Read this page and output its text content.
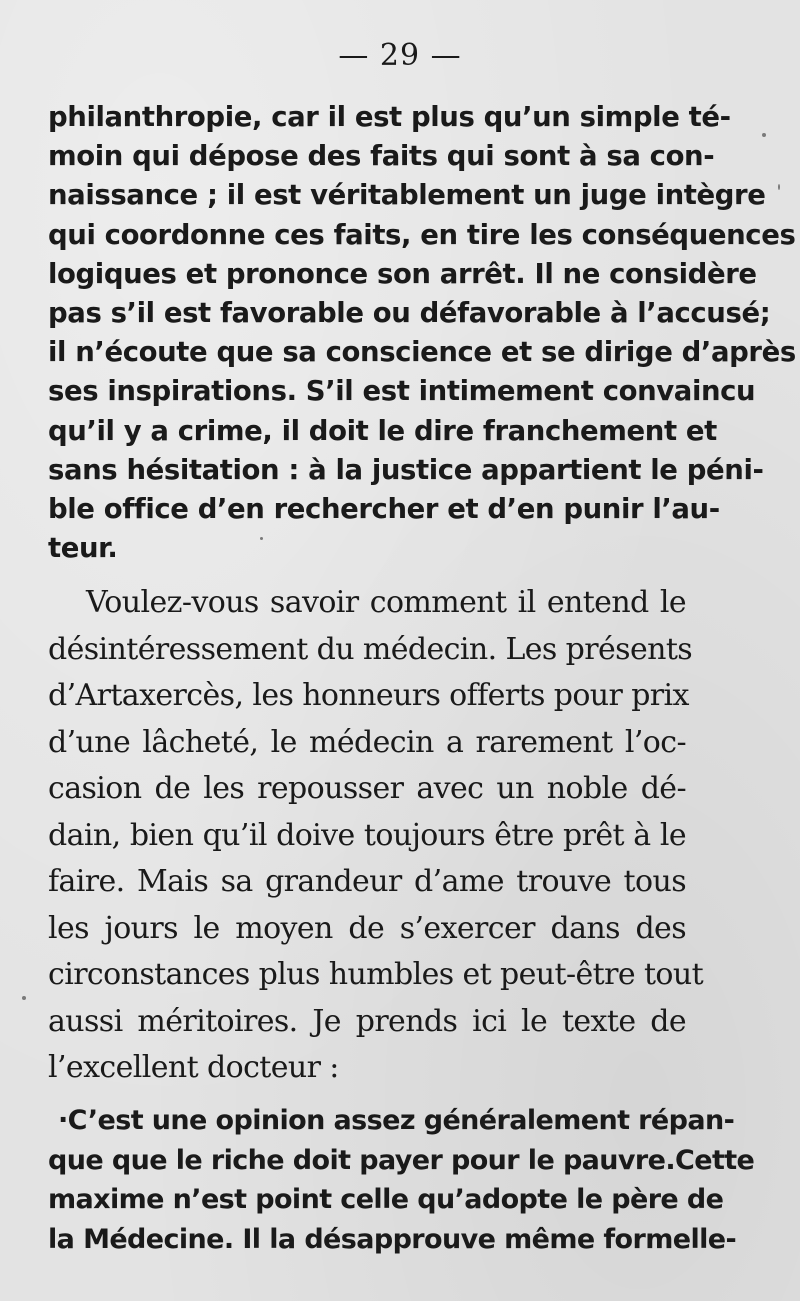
— 29 —
philanthropie, car il est plus qu’un simple té-
moin qui dépose des faits qui sont à sa con-
naissance ; il est véritablement un juge intègre
qui coordonne ces faits, en tire les conséquences
logiques et prononce son arrêt. Il ne considère
pas s’il est favorable ou défavorable à l’accusé;
il n’écoute que sa conscience et se dirige d’après
ses inspirations. S’il est intimement convaincu
qu’il y a crime, il doit le dire franchement et
sans hésitation : à la justice appartient le péni-
ble office d’en rechercher et d’en punir l’au-
teur.
Voulez-vous savoir comment il entend le
désintéressement du médecin. Les présents
d’Artaxercès, les honneurs offerts pour prix
d’une lâcheté, le médecin a rarement l’oc-
casion de les repousser avec un noble dé-
dain, bien qu’il doive toujours être prêt à le
faire. Mais sa grandeur d’ame trouve tous
les jours le moyen de s’exercer dans des
circonstances plus humbles et peut-être tout
aussi méritoires. Je prends ici le texte de
l’excellent docteur :
·C’est une opinion assez généralement répan-
que que le riche doit payer pour le pauvre.Cette
maxime n’est point celle qu’adopte le père de
la Médecine. Il la désapprouve même formelle-
